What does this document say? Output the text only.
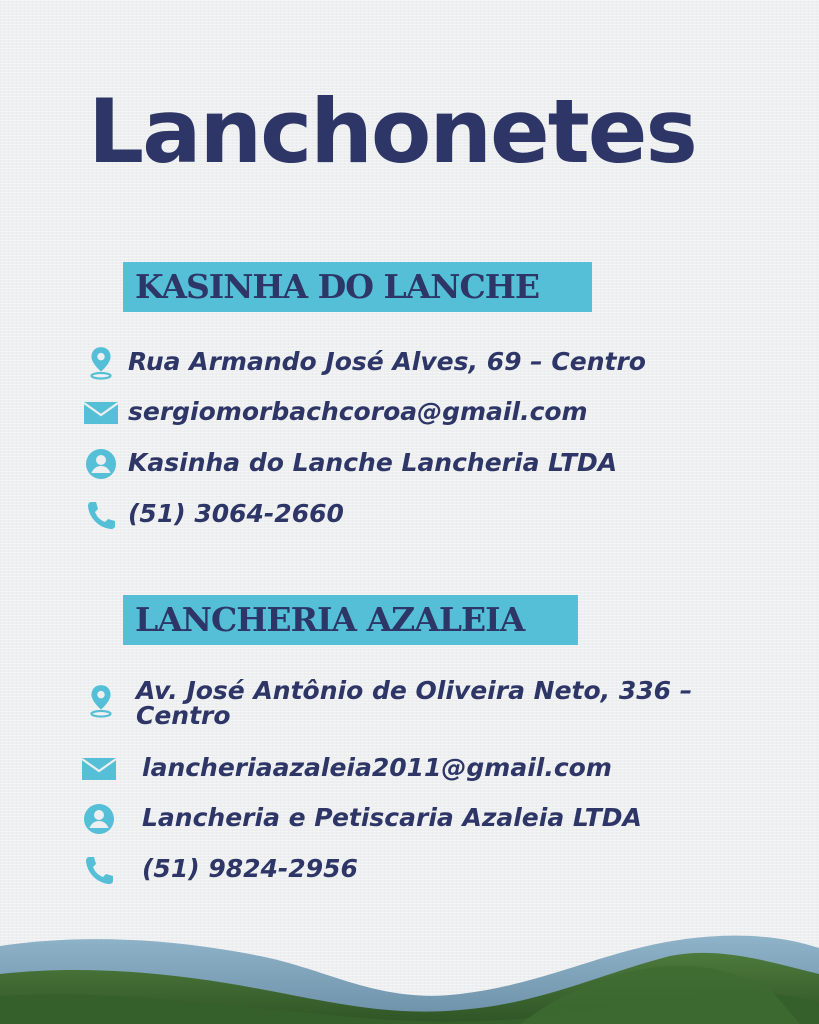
Lanchonetes
KASINHA DO LANCHE
Rua Armando José Alves, 69 – Centro
sergiomorbachcoroa@gmail.com
Kasinha do Lanche Lancheria LTDA
(51) 3064-2660
LANCHERIA AZALEIA
Av. José Antônio de Oliveira Neto, 336 – Centro
lancheriaazaleia2011@gmail.com
Lancheria e Petiscaria Azaleia LTDA
(51) 9824-2956
